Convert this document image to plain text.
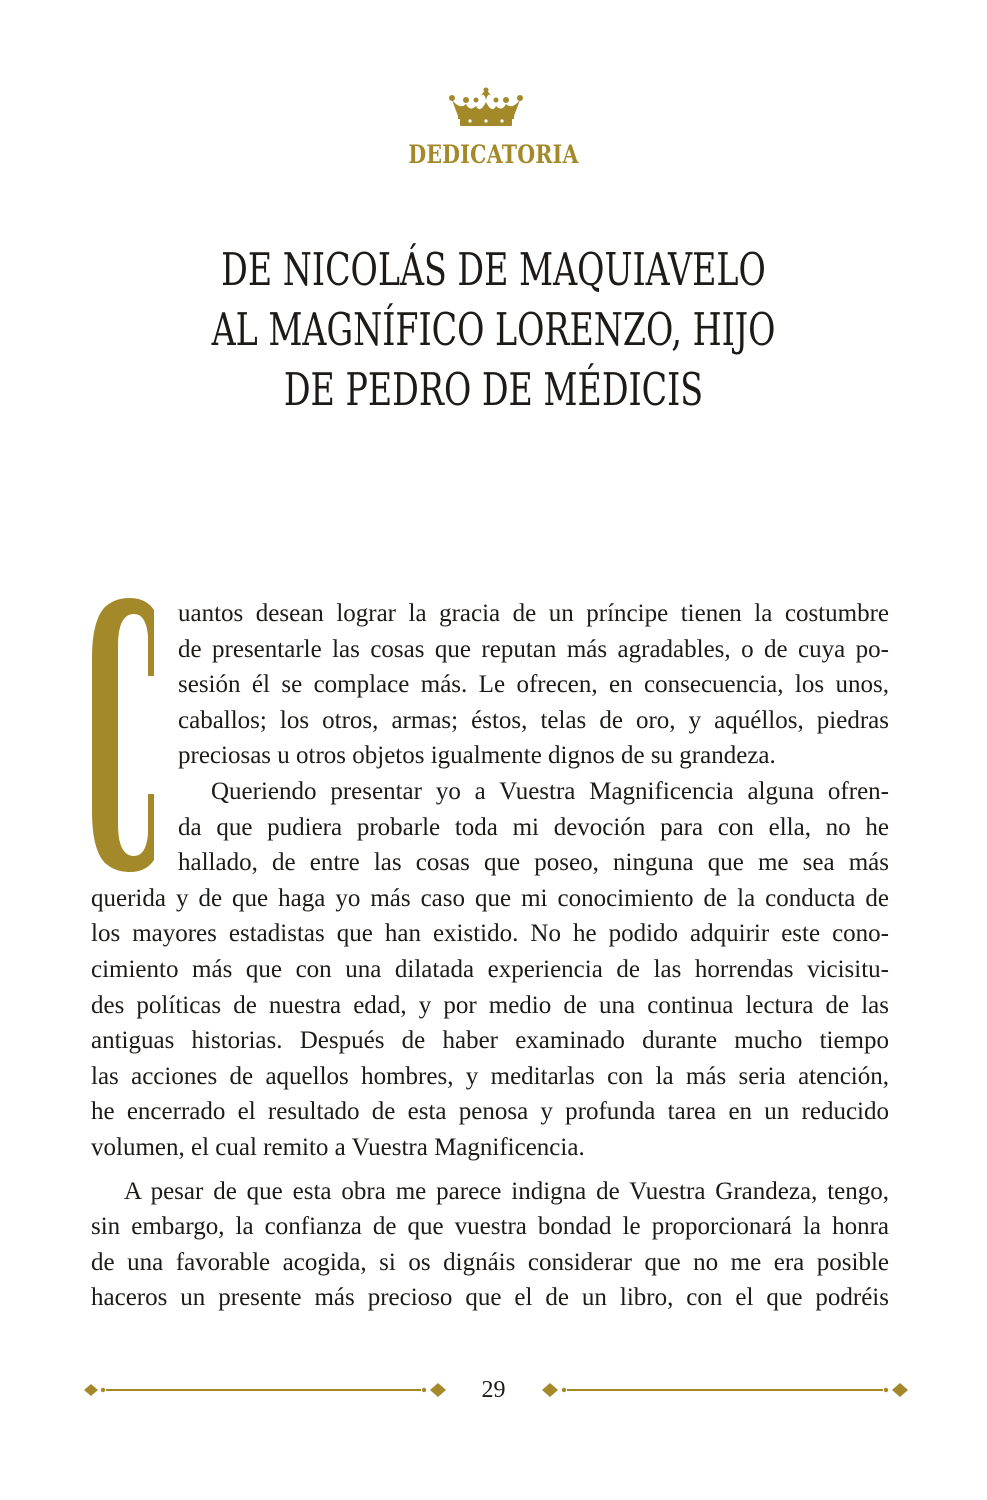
DEDICATORIA
DE NICOLÁS DE MAQUIAVELO
AL MAGNÍFICO LORENZO, HIJO
DE PEDRO DE MÉDICIS
C
uantos desean lograr la gracia de un príncipe tienen la costumbre
de presentarle las cosas que reputan más agradables, o de cuya po-
sesión él se complace más. Le ofrecen, en consecuencia, los unos,
caballos; los otros, armas; éstos, telas de oro, y aquéllos, piedras
preciosas u otros objetos igualmente dignos de su grandeza.
Queriendo presentar yo a Vuestra Magnificencia alguna ofren-
da que pudiera probarle toda mi devoción para con ella, no he
hallado, de entre las cosas que poseo, ninguna que me sea más
querida y de que haga yo más caso que mi conocimiento de la conducta de
los mayores estadistas que han existido. No he podido adquirir este cono-
cimiento más que con una dilatada experiencia de las horrendas vicisitu-
des políticas de nuestra edad, y por medio de una continua lectura de las
antiguas historias. Después de haber examinado durante mucho tiempo
las acciones de aquellos hombres, y meditarlas con la más seria atención,
he encerrado el resultado de esta penosa y profunda tarea en un reducido
volumen, el cual remito a Vuestra Magnificencia.
A pesar de que esta obra me parece indigna de Vuestra Grandeza, tengo,
sin embargo, la confianza de que vuestra bondad le proporcionará la honra
de una favorable acogida, si os dignáis considerar que no me era posible
haceros un presente más precioso que el de un libro, con el que podréis
29
